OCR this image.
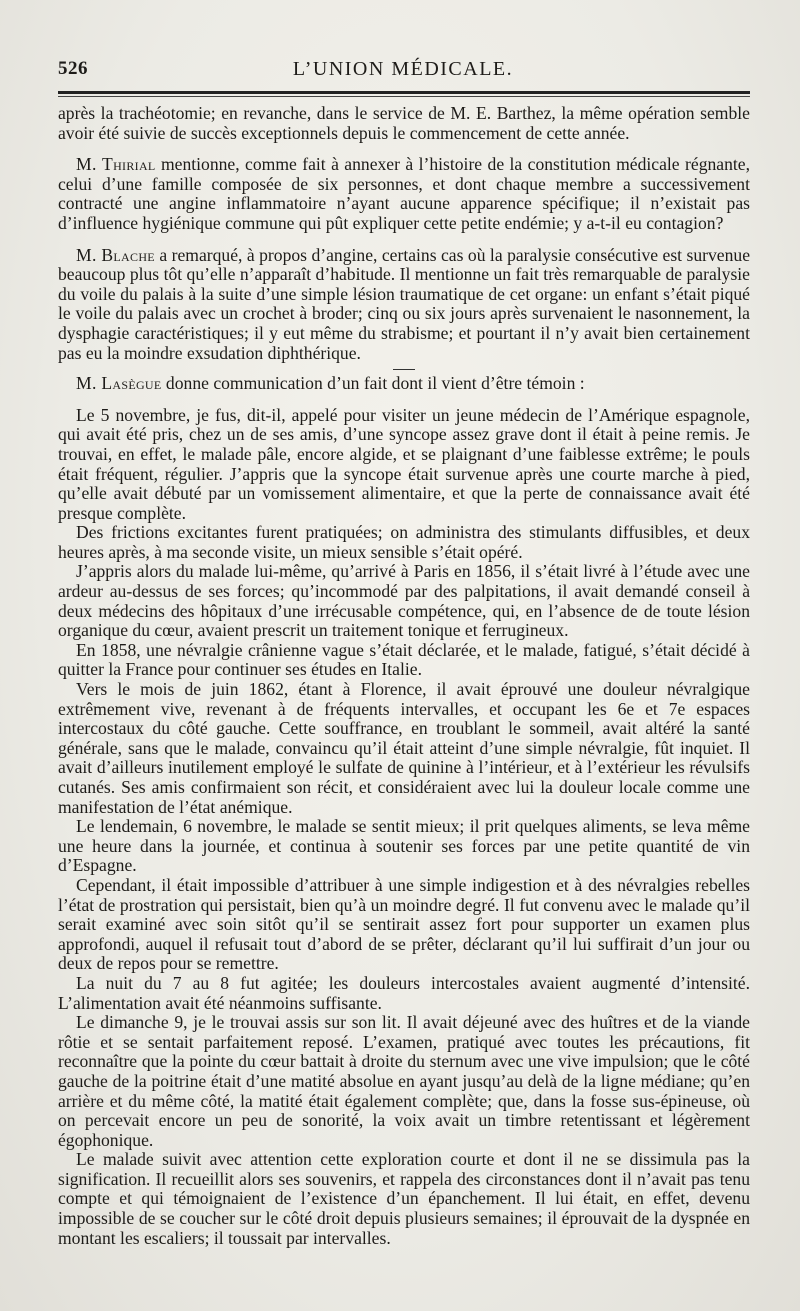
526	L’UNION MÉDICALE.

après la trachéotomie; en revanche, dans le service de M. E. Barthez, la même opération semble avoir été suivie de succès exceptionnels depuis le commencement de cette année.

M. Thirial mentionne, comme fait à annexer à l’histoire de la constitution médicale régnante, celui d’une famille composée de six personnes, et dont chaque membre a successivement contracté une angine inflammatoire n’ayant aucune apparence spécifique; il n’existait pas d’influence hygiénique commune qui pût expliquer cette petite endémie; y a-t-il eu contagion?

M. Blache a remarqué, à propos d’angine, certains cas où la paralysie consécutive est survenue beaucoup plus tôt qu’elle n’apparaît d’habitude. Il mentionne un fait très remarquable de paralysie du voile du palais à la suite d’une simple lésion traumatique de cet organe: un enfant s’était piqué le voile du palais avec un crochet à broder; cinq ou six jours après survenaient le nasonnement, la dysphagie caractéristiques; il y eut même du strabisme; et pourtant il n’y avait bien certainement pas eu la moindre exsudation diphthérique.

M. Lasègue donne communication d’un fait dont il vient d’être témoin :

Le 5 novembre, je fus, dit-il, appelé pour visiter un jeune médecin de l’Amérique espagnole, qui avait été pris, chez un de ses amis, d’une syncope assez grave dont il était à peine remis. Je trouvai, en effet, le malade pâle, encore algide, et se plaignant d’une faiblesse extrême; le pouls était fréquent, régulier. J’appris que la syncope était survenue après une courte marche à pied, qu’elle avait débuté par un vomissement alimentaire, et que la perte de connaissance avait été presque complète.

Des frictions excitantes furent pratiquées; on administra des stimulants diffusibles, et deux heures après, à ma seconde visite, un mieux sensible s’était opéré.

J’appris alors du malade lui-même, qu’arrivé à Paris en 1856, il s’était livré à l’étude avec une ardeur au-dessus de ses forces; qu’incommodé par des palpitations, il avait demandé conseil à deux médecins des hôpitaux d’une irrécusable compétence, qui, en l’absence de de toute lésion organique du cœur, avaient prescrit un traitement tonique et ferrugineux.

En 1858, une névralgie crânienne vague s’était déclarée, et le malade, fatigué, s’était décidé à quitter la France pour continuer ses études en Italie.

Vers le mois de juin 1862, étant à Florence, il avait éprouvé une douleur névralgique extrêmement vive, revenant à de fréquents intervalles, et occupant les 6e et 7e espaces intercostaux du côté gauche. Cette souffrance, en troublant le sommeil, avait altéré la santé générale, sans que le malade, convaincu qu’il était atteint d’une simple névralgie, fût inquiet. Il avait d’ailleurs inutilement employé le sulfate de quinine à l’intérieur, et à l’extérieur les révulsifs cutanés. Ses amis confirmaient son récit, et considéraient avec lui la douleur locale comme une manifestation de l’état anémique.

Le lendemain, 6 novembre, le malade se sentit mieux; il prit quelques aliments, se leva même une heure dans la journée, et continua à soutenir ses forces par une petite quantité de vin d’Espagne.

Cependant, il était impossible d’attribuer à une simple indigestion et à des névralgies rebelles l’état de prostration qui persistait, bien qu’à un moindre degré. Il fut convenu avec le malade qu’il serait examiné avec soin sitôt qu’il se sentirait assez fort pour supporter un examen plus approfondi, auquel il refusait tout d’abord de se prêter, déclarant qu’il lui suffirait d’un jour ou deux de repos pour se remettre.

La nuit du 7 au 8 fut agitée; les douleurs intercostales avaient augmenté d’intensité. L’alimentation avait été néanmoins suffisante.

Le dimanche 9, je le trouvai assis sur son lit. Il avait déjeuné avec des huîtres et de la viande rôtie et se sentait parfaitement reposé. L’examen, pratiqué avec toutes les précautions, fit reconnaître que la pointe du cœur battait à droite du sternum avec une vive impulsion; que le côté gauche de la poitrine était d’une matité absolue en ayant jusqu’au delà de la ligne médiane; qu’en arrière et du même côté, la matité était également complète; que, dans la fosse sus-épineuse, où on percevait encore un peu de sonorité, la voix avait un timbre retentissant et légèrement égophonique.

Le malade suivit avec attention cette exploration courte et dont il ne se dissimula pas la signification. Il recueillit alors ses souvenirs, et rappela des circonstances dont il n’avait pas tenu compte et qui témoignaient de l’existence d’un épanchement. Il lui était, en effet, devenu impossible de se coucher sur le côté droit depuis plusieurs semaines; il éprouvait de la dyspnée en montant les escaliers; il toussait par intervalles.
